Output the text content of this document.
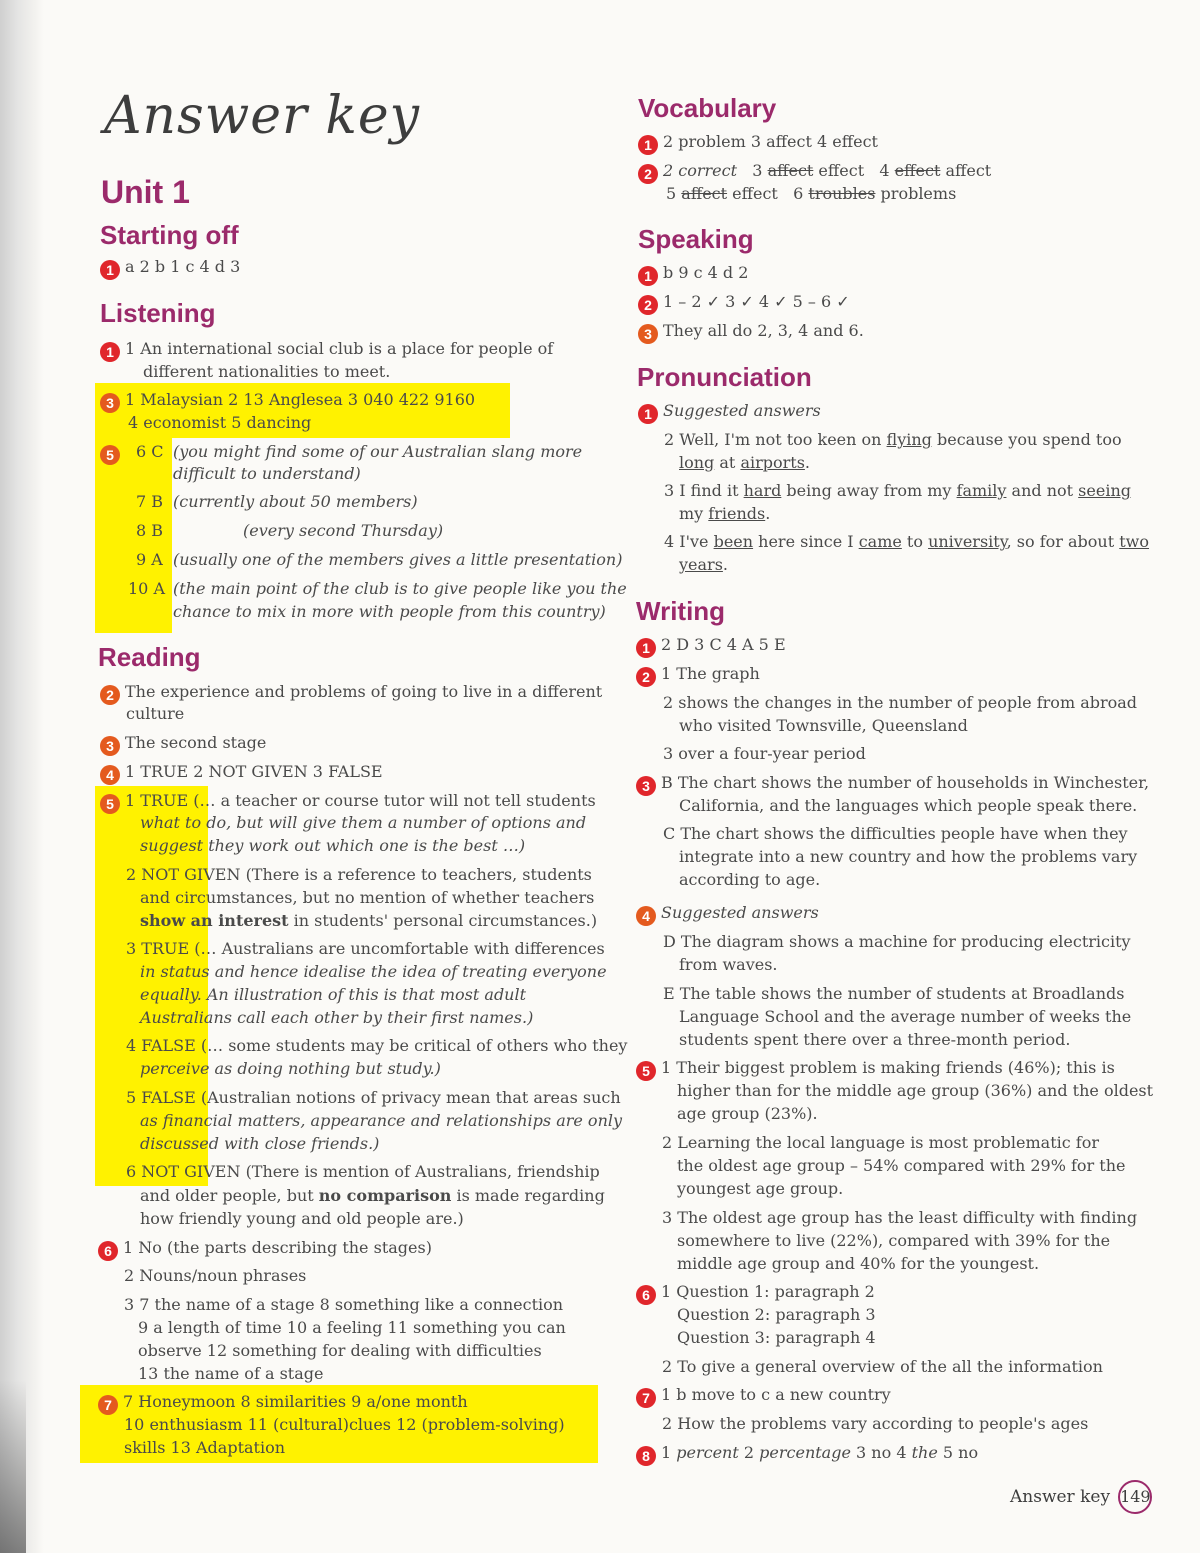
Answer key
Unit 1
Starting off
1 a 2 b 1 c 4 d 3
Listening
1 1 An international social club is a place for people of
different nationalities to meet.
3 1 Malaysian 2 13 Anglesea 3 040 422 9160
4 economist 5 dancing
5	6 C (you might find some of our Australian slang more
difficult to understand)
7 B (currently about 50 members)
8 B	(every second Thursday)
9 A (usually one of the members gives a little presentation)
10 A (the main point of the club is to give people like you the
chance to mix in more with people from this country)
Reading
2 The experience and problems of going to live in a different
culture
3 The second stage
4 1 TRUE 2 NOT GIVEN 3 FALSE
5 1 TRUE (… a teacher or course tutor will not tell students
what to do, but will give them a number of options and
suggest they work out which one is the best …)
2 NOT GIVEN (There is a reference to teachers, students
and circumstances, but no mention of whether teachers
show an interest in students' personal circumstances.)
3 TRUE (… Australians are uncomfortable with differences
in status and hence idealise the idea of treating everyone
equally. An illustration of this is that most adult
Australians call each other by their first names.)
4 FALSE (… some students may be critical of others who they
perceive as doing nothing but study.)
5 FALSE (Australian notions of privacy mean that areas such
as financial matters, appearance and relationships are only
discussed with close friends.)
6 NOT GIVEN (There is mention of Australians, friendship
and older people, but no comparison is made regarding
how friendly young and old people are.)
6 1 No (the parts describing the stages)
2 Nouns/noun phrases
3 7 the name of a stage 8 something like a connection
9 a length of time 10 a feeling 11 something you can
observe 12 something for dealing with difficulties
13 the name of a stage
7 7 Honeymoon 8 similarities 9 a/one month
10 enthusiasm 11 (cultural)clues 12 (problem-solving)
skills 13 Adaptation
Vocabulary
1 2 problem 3 affect 4 effect
2 2 correct 3 affect effect 4 effect affect
5 affect effect 6 troubles problems
Speaking
1 b 9 c 4 d 2
2 1 – 2 ✓ 3 ✓ 4 ✓ 5 – 6 ✓
3 They all do 2, 3, 4 and 6.
Pronunciation
1 Suggested answers
2 Well, I'm not too keen on flying because you spend too
long at airports.
3 I find it hard being away from my family and not seeing
my friends.
4 I've been here since I came to university, so for about two
years.
Writing
1 2 D 3 C 4 A 5 E
2 1 The graph
2 shows the changes in the number of people from abroad
who visited Townsville, Queensland
3 over a four-year period
3 B The chart shows the number of households in Winchester,
California, and the languages which people speak there.
C The chart shows the difficulties people have when they
integrate into a new country and how the problems vary
according to age.
4 Suggested answers
D The diagram shows a machine for producing electricity
from waves.
E The table shows the number of students at Broadlands
Language School and the average number of weeks the
students spent there over a three-month period.
5 1 Their biggest problem is making friends (46%); this is
higher than for the middle age group (36%) and the oldest
age group (23%).
2 Learning the local language is most problematic for
the oldest age group – 54% compared with 29% for the
youngest age group.
3 The oldest age group has the least difficulty with finding
somewhere to live (22%), compared with 39% for the
middle age group and 40% for the youngest.
6 1 Question 1: paragraph 2
Question 2: paragraph 3
Question 3: paragraph 4
2 To give a general overview of the all the information
7 1 b move to c a new country
2 How the problems vary according to people's ages
8 1 percent 2 percentage 3 no 4 the 5 no
Answer key 149
